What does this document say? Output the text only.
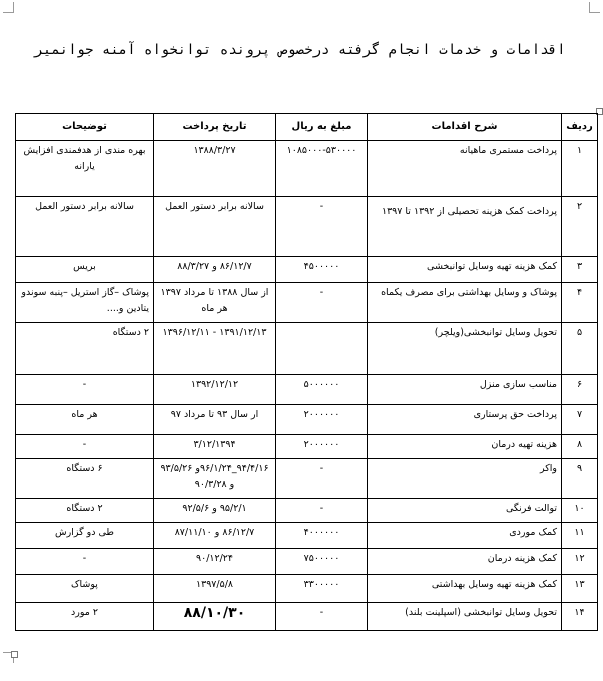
اقدامات و خدمات انجام گرفته درخصوص پرونده توانخواه آمنه جوانمیر
ردیف	شرح اقدامات	مبلغ به ریال	تاریخ پرداخت	توضیحات
۱	پرداخت مستمری ماهیانه	۱۰۸۵۰۰۰-۵۳۰۰۰۰	۱۳۸۸/۳/۲۷	بهره مندی از هدفمندی افزایش یارانه
۲	پرداخت کمک هزینه تحصیلی از ۱۳۹۲ تا ۱۳۹۷	-	سالانه برابر دستور العمل	سالانه برابر دستور العمل
۳	کمک هزینه تهیه وسایل توانبخشی	۴۵۰۰۰۰۰	۸۶/۱۲/۷ و ۸۸/۳/۲۷	بریس
۴	پوشاک و وسایل بهداشتی برای مصرف یکماه	-	از سال ۱۳۸۸ تا مرداد ۱۳۹۷ هر ماه	پوشاک –گاز استریل –پنبه سوندو یتادین و....
۵	تحویل وسایل توانبخشی(ویلچر)		۱۳۹۱/۱۲/۱۳ - ۱۳۹۶/۱۲/۱۱	۲ دستگاه
۶	مناسب سازی منزل	۵۰۰۰۰۰۰	۱۳۹۲/۱۲/۱۲	-
۷	پرداخت حق پرستاری	۲۰۰۰۰۰۰	ار سال ۹۳ تا مرداد ۹۷	هر ماه
۸	هزینه تهیه درمان	۲۰۰۰۰۰۰	۳/۱۲/۱۳۹۴	-
۹	واکر	-	۹۴/۴/۱۶_۹۶/۱/۲۴و ۹۳/۵/۲۶ و ۹۰/۳/۲۸	۶ دستگاه
۱۰	توالت فرنگی	-	۹۵/۲/۱ و ۹۲/۵/۶	۲ دستگاه
۱۱	کمک موردی	۴۰۰۰۰۰۰	۸۶/۱۲/۷ و ۸۷/۱۱/۱۰	طی دو گزارش
۱۲	کمک هزینه درمان	۷۵۰۰۰۰۰	۹۰/۱۲/۲۴	-
۱۳	کمک هزینه تهیه وسایل بهداشتی	۳۳۰۰۰۰۰	۱۳۹۷/۵/۸	پوشاک
۱۴	تحویل وسایل توانبخشی (اسپلینت بلند)	-	۸۸/۱۰/۳۰	۲ مورد
